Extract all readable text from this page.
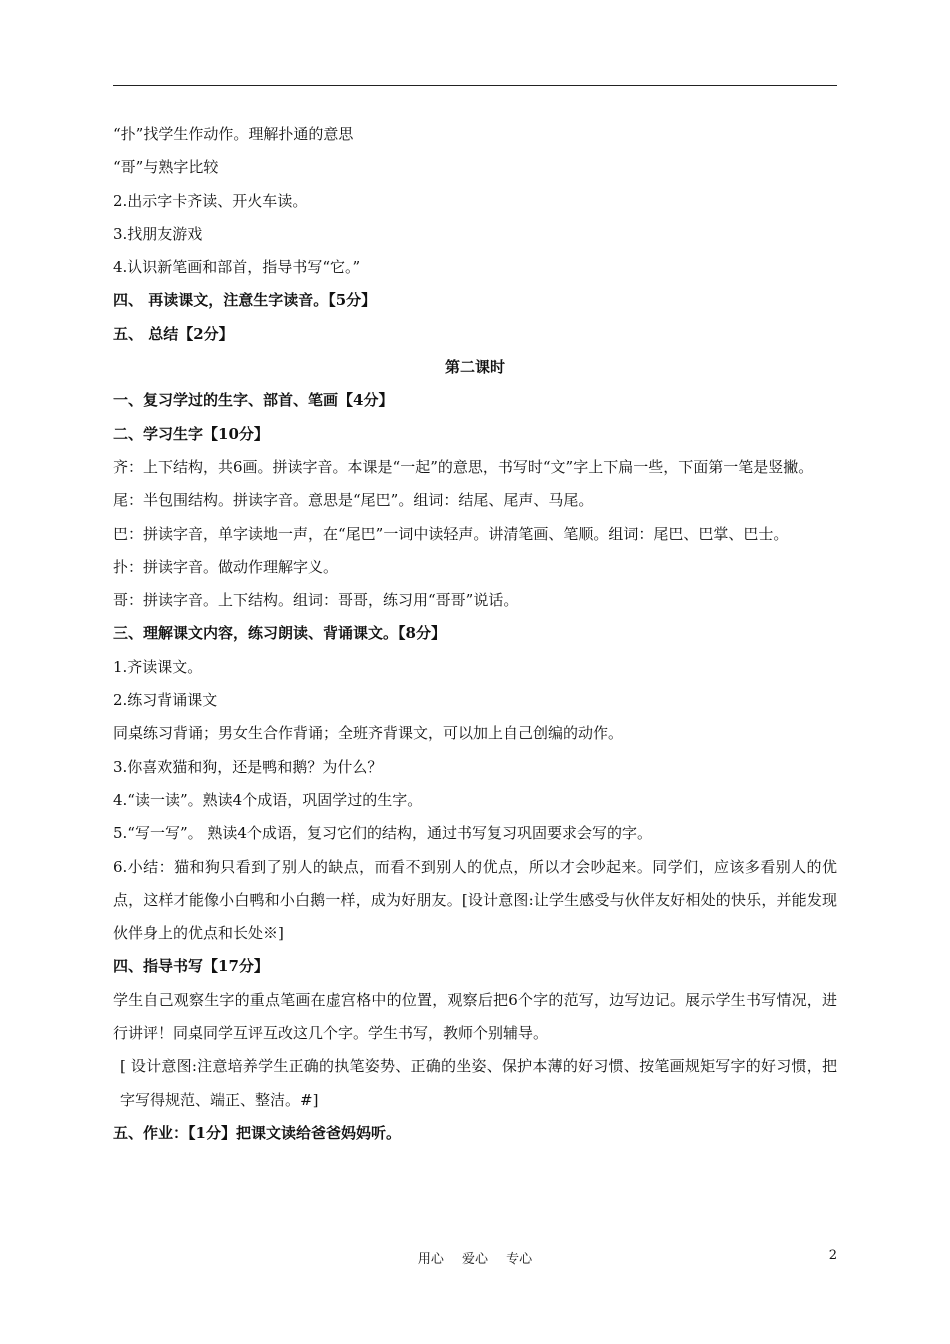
“扑”找学生作动作。理解扑通的意思
“哥”与熟字比较
2.出示字卡齐读、开火车读。
3.找朋友游戏
4.认识新笔画和部首，指导书写“它。”
四、 再读课文，注意生字读音。【5分】
五、 总结【2分】
第二课时
一、复习学过的生字、部首、笔画【4分】
二、学习生字【10分】
齐：上下结构，共6画。拼读字音。本课是“一起”的意思，书写时“文”字上下扁一些，下面第一笔是竖撇。
尾：半包围结构。拼读字音。意思是“尾巴”。组词：结尾、尾声、马尾。
巴：拼读字音，单字读地一声，在“尾巴”一词中读轻声。讲清笔画、笔顺。组词：尾巴、巴掌、巴士。
扑：拼读字音。做动作理解字义。
哥：拼读字音。上下结构。组词：哥哥，练习用“哥哥”说话。
三、理解课文内容，练习朗读、背诵课文。【8分】
1.齐读课文。
2.练习背诵课文
同桌练习背诵；男女生合作背诵；全班齐背课文，可以加上自己创编的动作。
3.你喜欢猫和狗，还是鸭和鹅？为什么？
4.“读一读”。熟读4个成语，巩固学过的生字。
5.“写一写”。 熟读4个成语，复习它们的结构，通过书写复习巩固要求会写的字。
6.小结：猫和狗只看到了别人的缺点，而看不到别人的优点，所以才会吵起来。同学们，应该多看别人的优点，这样才能像小白鸭和小白鹅一样，成为好朋友。[设计意图:让学生感受与伙伴友好相处的快乐，并能发现伙伴身上的优点和长处※]
四、指导书写【17分】
学生自己观察生字的重点笔画在虚宫格中的位置，观察后把6个字的范写，边写边记。展示学生书写情况，进行讲评！同桌同学互评互改这几个字。学生书写，教师个别辅导。
[ 设计意图:注意培养学生正确的执笔姿势、正确的坐姿、保护本薄的好习惯、按笔画规矩写字的好习惯，把字写得规范、端正、整洁。#]
五、作业：【1分】把课文读给爸爸妈妈听。
用心 爱心 专心	2
